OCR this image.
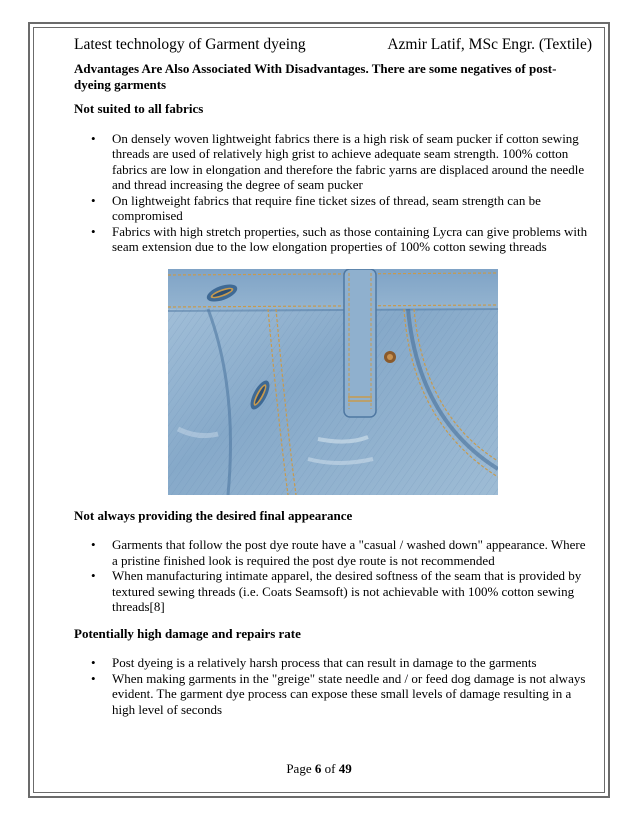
Latest technology of Garment dyeing	Azmir Latif, MSc Engr. (Textile)

Advantages Are Also Associated With Disadvantages. There are some negatives of post-dyeing garments

Not suited to all fabrics

• On densely woven lightweight fabrics there is a high risk of seam pucker if cotton sewing threads are used of relatively high grist to achieve adequate seam strength. 100% cotton fabrics are low in elongation and therefore the fabric yarns are displaced around the needle and thread increasing the degree of seam pucker
• On lightweight fabrics that require fine ticket sizes of thread, seam strength can be compromised
• Fabrics with high stretch properties, such as those containing Lycra can give problems with seam extension due to the low elongation properties of 100% cotton sewing threads

Not always providing the desired final appearance

• Garments that follow the post dye route have a "casual / washed down" appearance. Where a pristine finished look is required the post dye route is not recommended
• When manufacturing intimate apparel, the desired softness of the seam that is provided by textured sewing threads (i.e. Coats Seamsoft) is not achievable with 100% cotton sewing threads[8]

Potentially high damage and repairs rate

• Post dyeing is a relatively harsh process that can result in damage to the garments
• When making garments in the "greige" state needle and / or feed dog damage is not always evident. The garment dye process can expose these small levels of damage resulting in a high level of seconds
Page 6 of 49
